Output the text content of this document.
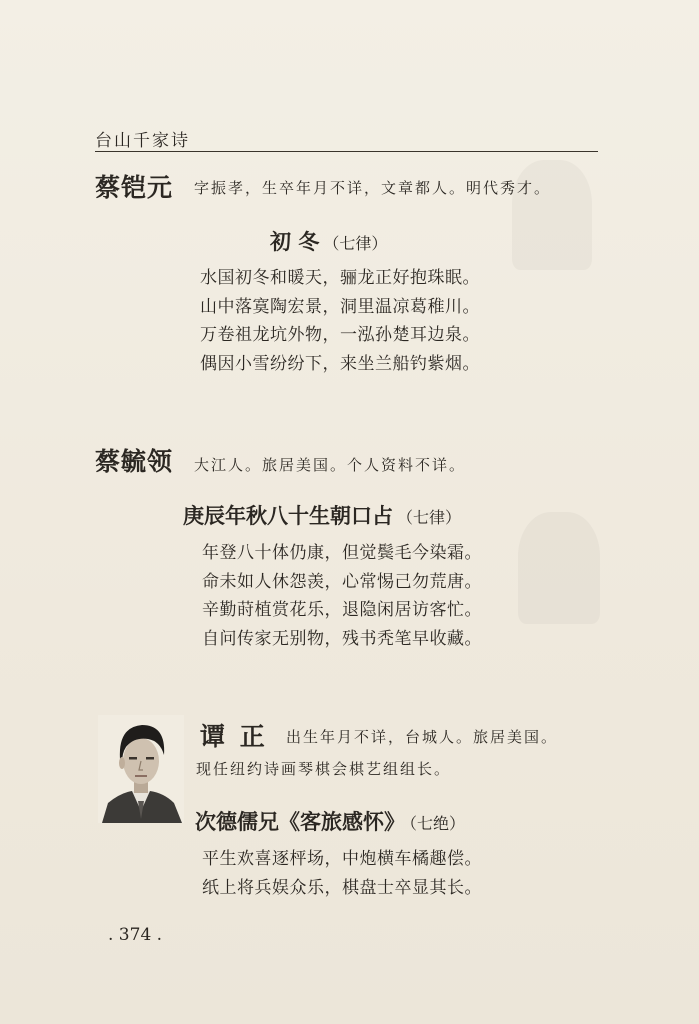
台山千家诗
蔡铠元 字振孝，生卒年月不详，文章都人。明代秀才。
初 冬 （七律）
水国初冬和暖天，骊龙正好抱珠眠。
山中落寞陶宏景，洞里温凉葛稚川。
万卷祖龙坑外物，一泓孙楚耳边泉。
偶因小雪纷纷下，来坐兰船钓紫烟。
蔡毓领 大江人。旅居美国。个人资料不详。
庚辰年秋八十生朝口占 （七律）
年登八十体仍康，但觉鬓毛今染霜。
命未如人休怨羡，心常惕己勿荒唐。
辛勤莳植赏花乐，退隐闲居访客忙。
自问传家无别物，残书秃笔早收藏。
谭 正 出生年月不详，台城人。旅居美国。
现任纽约诗画琴棋会棋艺组组长。
次德儒兄《客旅感怀》 （七绝）
平生欢喜逐枰场，中炮横车橘趣偿。
纸上将兵娱众乐，棋盘士卒显其长。
. 374 .
